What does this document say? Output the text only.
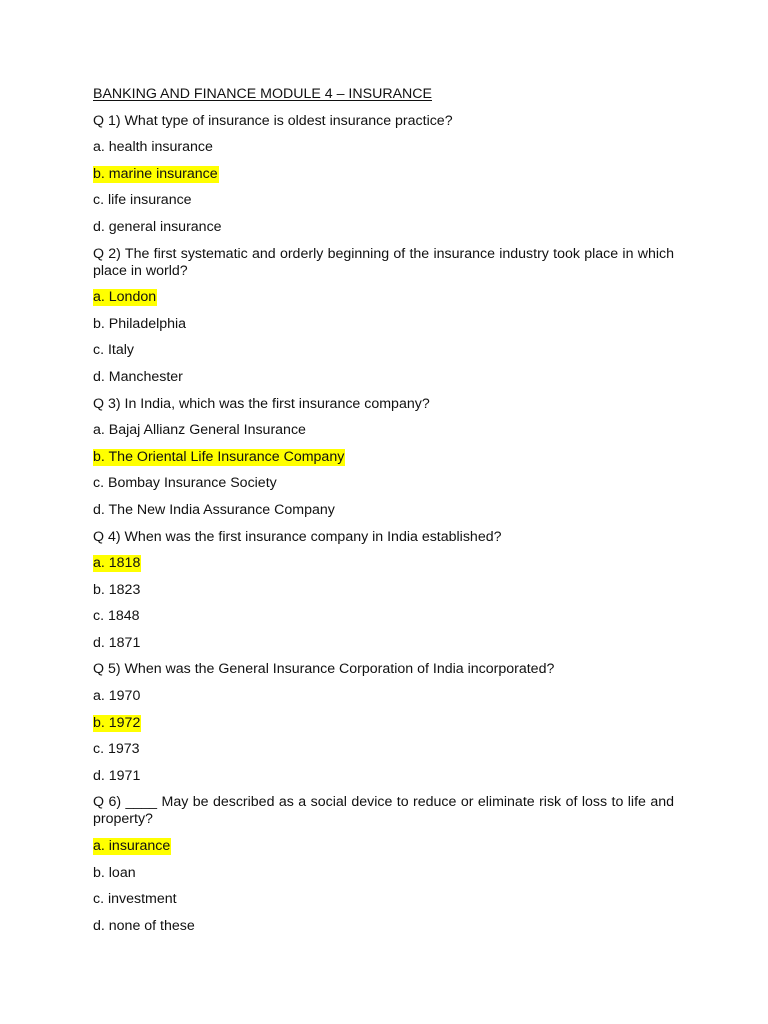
BANKING AND FINANCE MODULE 4 – INSURANCE

Q 1) What type of insurance is oldest insurance practice?

a. health insurance

b. marine insurance

c. life insurance

d. general insurance

Q 2) The first systematic and orderly beginning of the insurance industry took place in which place in world?

a. London

b. Philadelphia

c. Italy

d. Manchester

Q 3) In India, which was the first insurance company?

a. Bajaj Allianz General Insurance

b. The Oriental Life Insurance Company

c. Bombay Insurance Society

d. The New India Assurance Company

Q 4) When was the first insurance company in India established?

a. 1818

b. 1823

c. 1848

d. 1871

Q 5) When was the General Insurance Corporation of India incorporated?

a. 1970

b. 1972

c. 1973

d. 1971

Q 6) ____ May be described as a social device to reduce or eliminate risk of loss to life and property?

a. insurance

b. loan

c. investment

d. none of these
